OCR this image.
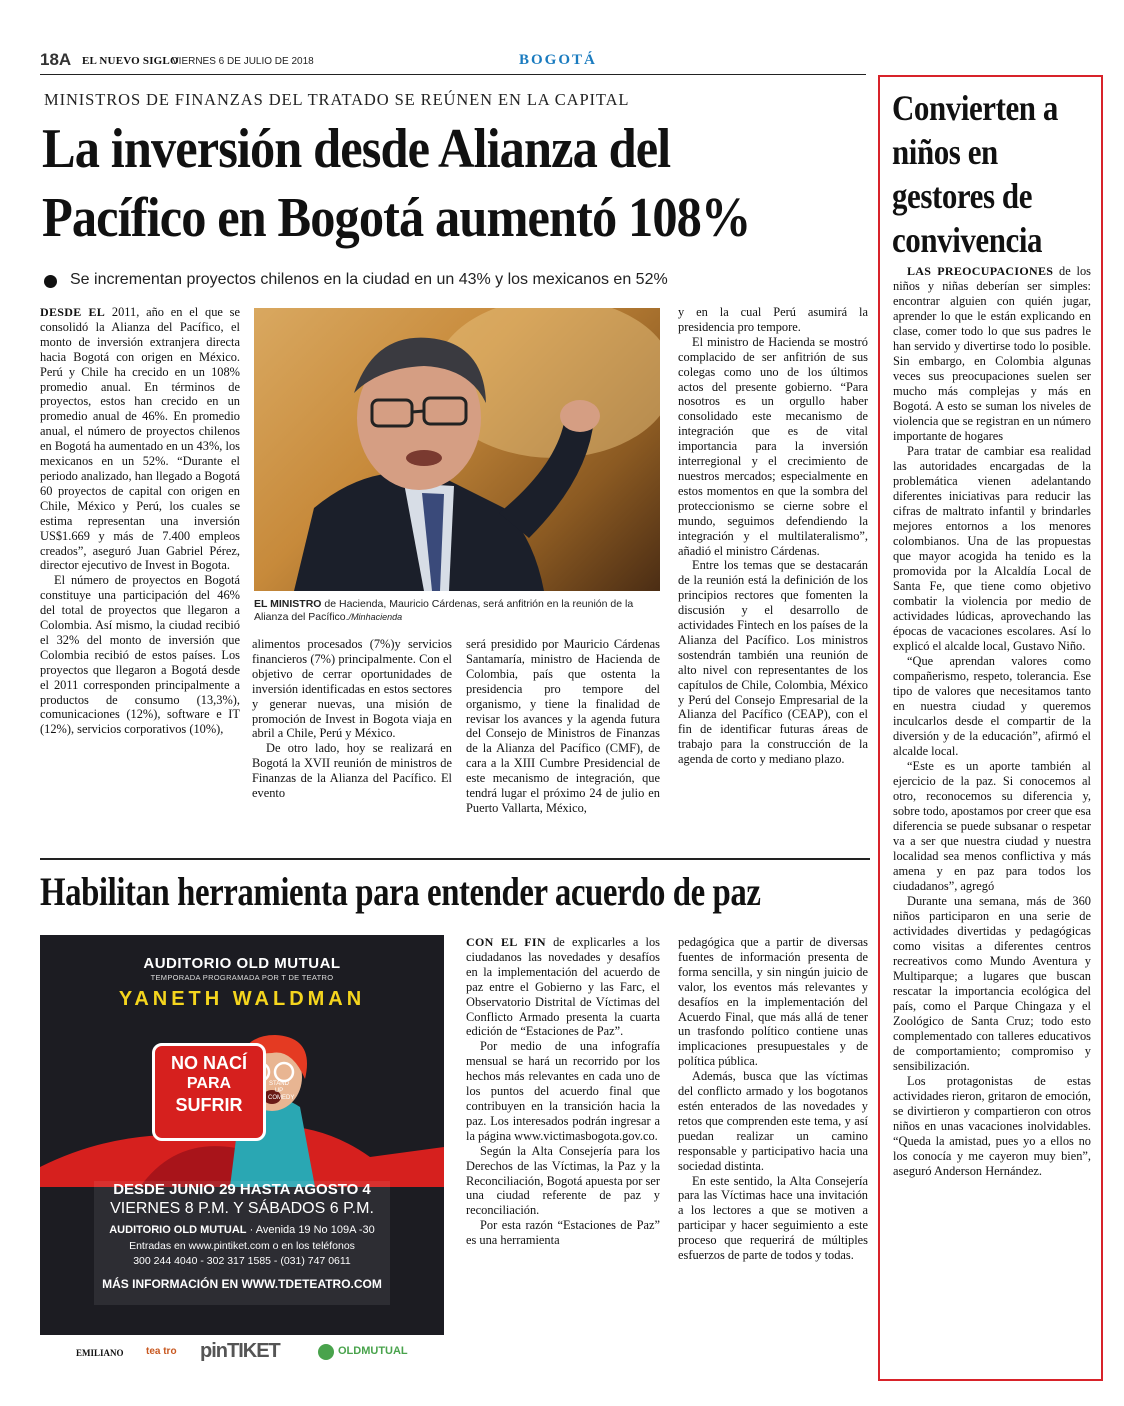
18A EL NUEVO SIGLO
VIERNES 6 DE JULIO DE 2018	BOGOTÁ
MINISTROS DE FINANZAS DEL TRATADO SE REÚNEN EN LA CAPITAL
La inversión desde Alianza del
Pacífico en Bogotá aumentó 108%
Se incrementan proyectos chilenos en la ciudad en un 43% y los mexicanos en 52%

DESDE EL 2011, año en el que se consolidó la Alianza del Pacífico, el monto de inversión extranjera directa hacia Bogotá con origen en México. Perú y Chile ha crecido en un 108% promedio anual. En términos de proyectos, estos han crecido en un promedio anual de 46%. En promedio anual, el número de proyectos chilenos en Bogotá ha aumentado en un 43%, los mexicanos en un 52%. “Durante el periodo analizado, han llegado a Bogotá 60 proyectos de capital con origen en Chile, México y Perú, los cuales se estima representan una inversión US$1.669 y más de 7.400 empleos creados”, aseguró Juan Gabriel Pérez, director ejecutivo de Invest in Bogota.

El número de proyectos en Bogotá constituye una participación del 46% del total de proyectos que llegaron a Colombia. Así mismo, la ciudad recibió el 32% del monto de inversión que Colombia recibió de estos países. Los proyectos que llegaron a Bogotá desde el 2011 corresponden principalmente a productos de consumo (13,3%), comunicaciones (12%), software e IT (12%), servicios corporativos (10%),

EL MINISTRO de Hacienda, Mauricio Cárdenas, será anfitrión en la reunión de la Alianza del Pacífico./Minhacienda

alimentos procesados (7%)y servicios financieros (7%) principalmente. Con el objetivo de cerrar oportunidades de inversión identificadas en estos sectores y generar nuevas, una misión de promoción de Invest in Bogota viaja en abril a Chile, Perú y México.

De otro lado, hoy se realizará en Bogotá la XVII reunión de ministros de Finanzas de la Alianza del Pacífico. El evento

será presidido por Mauricio Cárdenas Santamaría, ministro de Hacienda de Colombia, país que ostenta la presidencia pro tempore del organismo, y tiene la finalidad de revisar los avances y la agenda futura del Consejo de Ministros de Finanzas de la Alianza del Pacífico (CMF), de cara a la XIII Cumbre Presidencial de este mecanismo de integración, que tendrá lugar el próximo 24 de julio en Puerto Vallarta, México,

y en la cual Perú asumirá la presidencia pro tempore.

El ministro de Hacienda se mostró complacido de ser anfitrión de sus colegas como uno de los últimos actos del presente gobierno. “Para nosotros es un orgullo haber consolidado este mecanismo de integración que es de vital importancia para la inversión interregional y el crecimiento de nuestros mercados; especialmente en estos momentos en que la sombra del proteccionismo se cierne sobre el mundo, seguimos defendiendo la integración y el multilateralismo”, añadió el ministro Cárdenas.

Entre los temas que se destacarán de la reunión está la definición de los principios rectores que fomenten la discusión y el desarrollo de actividades Fintech en los países de la Alianza del Pacífico. Los ministros sostendrán también una reunión de alto nivel con representantes de los capítulos de Chile, Colombia, México y Perú del Consejo Empresarial de la Alianza del Pacífico (CEAP), con el fin de identificar futuras áreas de trabajo para la construcción de la agenda de corto y mediano plazo.

Habilitan herramienta para entender acuerdo de paz
AUDITORIO OLD MUTUAL
TEMPORADA PROGRAMADA POR T DE TEATRO
YANETH WALDMAN
NO NACÍ
PARA
SUFRIR
STAND UP COMEDY
DESDE JUNIO 29 HASTA AGOSTO 4
VIERNES 8 P.M. Y SÁBADOS 6 P.M.
AUDITORIO OLD MUTUAL · Avenida 19 No 109A -30
Entradas en www.pintiket.com o en los teléfonos
300 244 4040 - 302 317 1585 - (031) 747 0611
MÁS INFORMACIÓN EN WWW.TDETEATRO.COM
EMILIANO tea tro pinTIKET	OLDMUTUAL

CON EL FIN de explicarles a los ciudadanos las novedades y desafíos en la implementación del acuerdo de paz entre el Gobierno y las Farc, el Observatorio Distrital de Víctimas del Conflicto Armado presenta la cuarta edición de “Estaciones de Paz”.

Por medio de una infografía mensual se hará un recorrido por los hechos más relevantes en cada uno de los puntos del acuerdo final que contribuyen en la transición hacia la paz. Los interesados podrán ingresar a la página www.victimasbogota.gov.co.

Según la Alta Consejería para los Derechos de las Víctimas, la Paz y la Reconciliación, Bogotá apuesta por ser una ciudad referente de paz y reconciliación.

Por esta razón “Estaciones de Paz” es una herramienta

pedagógica que a partir de diversas fuentes de información presenta de forma sencilla, y sin ningún juicio de valor, los eventos más relevantes y desafíos en la implementación del Acuerdo Final, que más allá de tener un trasfondo político contiene unas implicaciones presupuestales y de política pública.

Además, busca que las víctimas del conflicto armado y los bogotanos estén enterados de las novedades y retos que comprenden este tema, y así puedan realizar un camino responsable y participativo hacia una sociedad distinta.

En este sentido, la Alta Consejería para las Víctimas hace una invitación a los lectores a que se motiven a participar y hacer seguimiento a este proceso que requerirá de múltiples esfuerzos de parte de todos y todas.

Convierten a niños en gestores de convivencia

LAS PREOCUPACIONES de los niños y niñas deberían ser simples: encontrar alguien con quién jugar, aprender lo que le están explicando en clase, comer todo lo que sus padres le han servido y divertirse todo lo posible. Sin embargo, en Colombia algunas veces sus preocupaciones suelen ser mucho más complejas y más en Bogotá. A esto se suman los niveles de violencia que se registran en un número importante de hogares

Para tratar de cambiar esa realidad las autoridades encargadas de la problemática vienen adelantando diferentes iniciativas para reducir las cifras de maltrato infantil y brindarles mejores entornos a los menores colombianos. Una de las propuestas que mayor acogida ha tenido es la promovida por la Alcaldía Local de Santa Fe, que tiene como objetivo combatir la violencia por medio de actividades lúdicas, aprovechando las épocas de vacaciones escolares. Así lo explicó el alcalde local, Gustavo Niño.

“Que aprendan valores como compañerismo, respeto, tolerancia. Ese tipo de valores que necesitamos tanto en nuestra ciudad y queremos inculcarlos desde el compartir de la diversión y de la educación”, afirmó el alcalde local.

“Este es un aporte también al ejercicio de la paz. Si conocemos al otro, reconocemos su diferencia y, sobre todo, apostamos por creer que esa diferencia se puede subsanar o respetar va a ser que nuestra ciudad y nuestra localidad sea menos conflictiva y más amena y en paz para todos los ciudadanos”, agregó

Durante una semana, más de 360 niños participaron en una serie de actividades divertidas y pedagógicas como visitas a diferentes centros recreativos como Mundo Aventura y Multiparque; a lugares que buscan rescatar la importancia ecológica del país, como el Parque Chingaza y el Zoológico de Santa Cruz; todo esto complementado con talleres educativos de comportamiento; compromiso y sensibilización.

Los protagonistas de estas actividades rieron, gritaron de emoción, se divirtieron y compartieron con otros niños en unas vacaciones inolvidables. “Queda la amistad, pues yo a ellos no los conocía y me cayeron muy bien”, aseguró Anderson Hernández.
